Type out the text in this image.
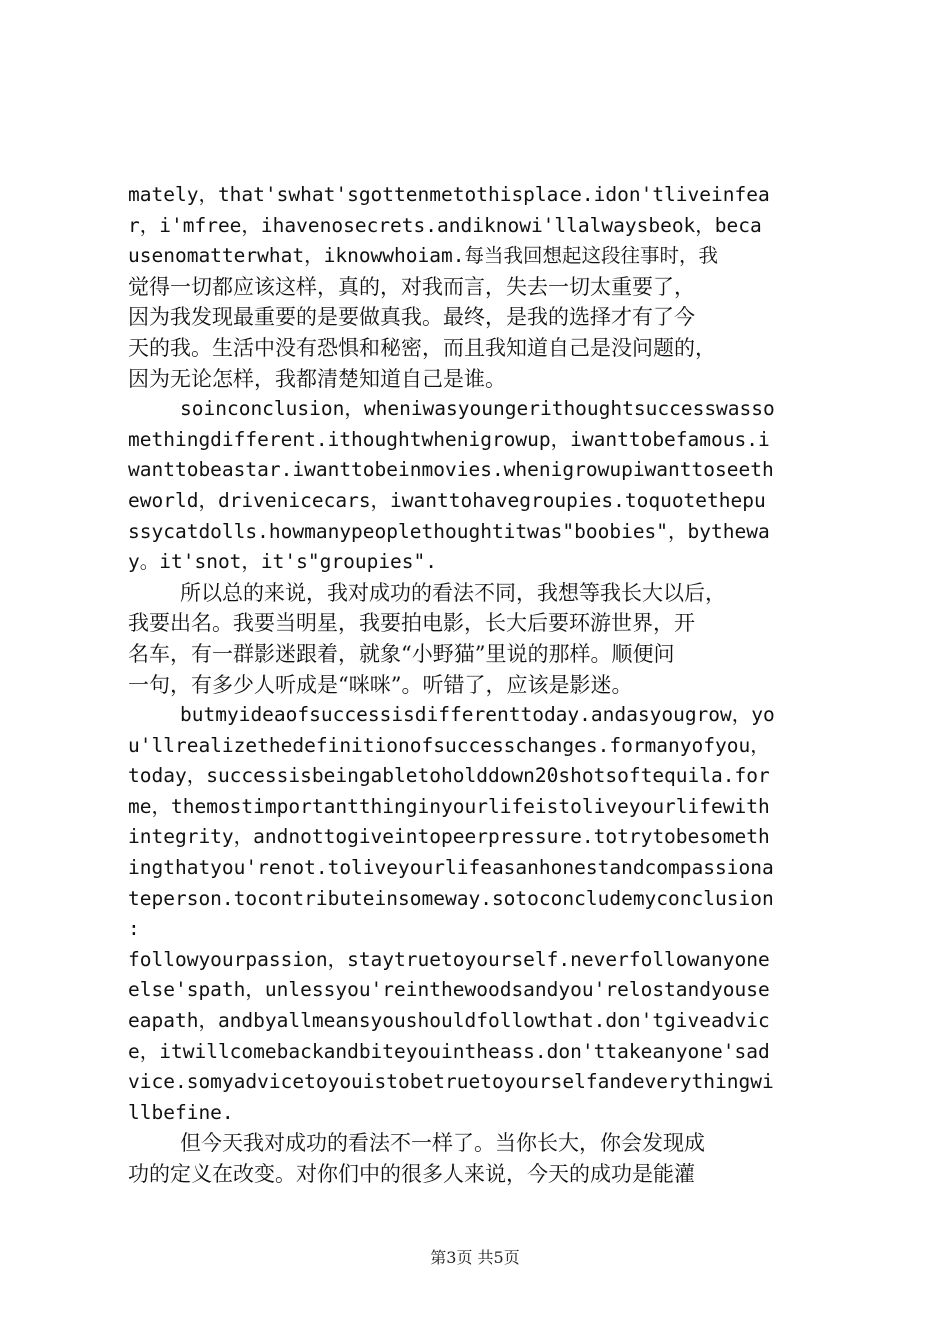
mately，that'swhat'sgottenmetothisplace.idon'tliveinfea
r，i'mfree，ihavenosecrets.andiknowi'llalwaysbeok，beca
usenomatterwhat，iknowwhoiam.每当我回想起这段往事时，我
觉得一切都应该这样，真的，对我而言，失去一切太重要了，
因为我发现最重要的是要做真我。最终，是我的选择才有了今
天的我。生活中没有恐惧和秘密，而且我知道自己是没问题的，
因为无论怎样，我都清楚知道自己是谁。
soinconclusion，wheniwasyoungerithoughtsuccesswasso
methingdifferent.ithoughtwhenigrowup，iwanttobefamous.i
wanttobeastar.iwanttobeinmovies.whenigrowupiwanttoseeth
eworld，drivenicecars，iwanttohavegroupies.toquotethepu
ssycatdolls.howmanypeoplethoughtitwas"boobies"，bythewa
y。it'snot，it's"groupies".
所以总的来说，我对成功的看法不同，我想等我长大以后，
我要出名。我要当明星，我要拍电影，长大后要环游世界，开
名车，有一群影迷跟着，就象“小野猫”里说的那样。顺便问
一句，有多少人听成是“咪咪”。听错了，应该是影迷。
butmyideaofsuccessisdifferenttoday.andasyougrow，yo
u'llrealizethedefinitionofsuccesschanges.formanyofyou，
today，successisbeingabletoholddown20shotsoftequila.for
me，themostimportantthinginyourlifeistoliveyourlifewith
integrity，andnottogiveintopeerpressure.totrytobesometh
ingthatyou'renot.toliveyourlifeasanhonestandcompassiona
teperson.tocontributeinsomeway.sotoconcludemyconclusion
:
followyourpassion，staytruetoyourself.neverfollowanyone
else'spath，unlessyou'reinthewoodsandyou'relostandyouse
eapath，andbyallmeansyoushouldfollowthat.don'tgiveadvic
e，itwillcomebackandbiteyouintheass.don'ttakeanyone'sad
vice.somyadvicetoyouistobetruetoyourselfandeverythingwi
llbefine.
但今天我对成功的看法不一样了。当你长大，你会发现成
功的定义在改变。对你们中的很多人来说，今天的成功是能灌
第3页 共5页
